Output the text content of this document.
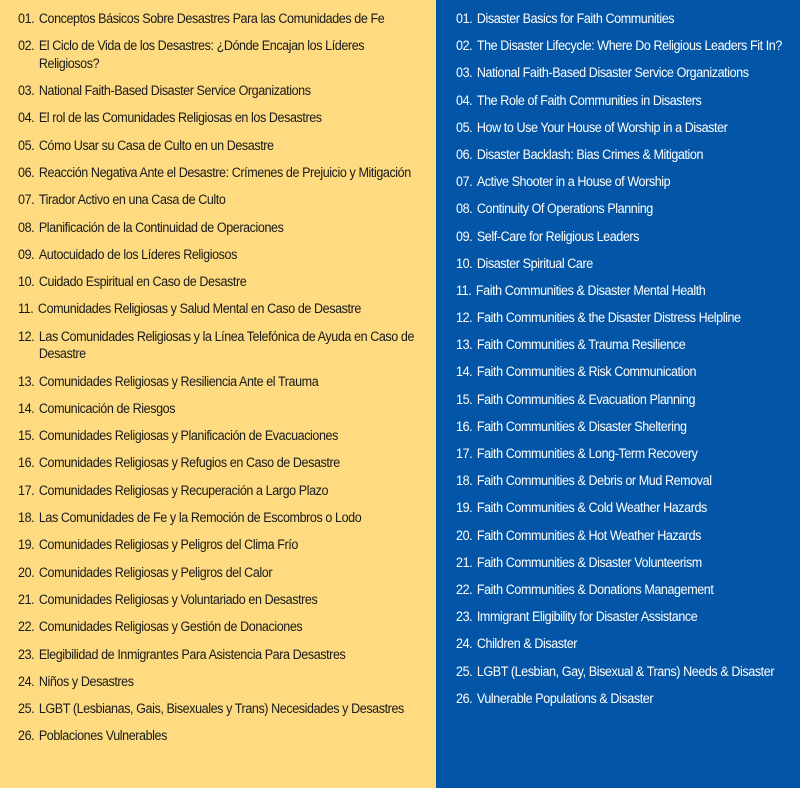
01. Conceptos Básicos Sobre Desastres Para las Comunidades de Fe
02. El Ciclo de Vida de los Desastres: ¿Dónde Encajan los Líderes Religiosos?
03. National Faith-Based Disaster Service Organizations
04. El rol de las Comunidades Religiosas en los Desastres
05. Cómo Usar su Casa de Culto en un Desastre
06. Reacción Negativa Ante el Desastre: Crímenes de Prejuicio y Mitigación
07. Tirador Activo en una Casa de Culto
08. Planificación de la Continuidad de Operaciones
09. Autocuidado de los Líderes Religiosos
10. Cuidado Espiritual en Caso de Desastre
11. Comunidades Religiosas y Salud Mental en Caso de Desastre
12. Las Comunidades Religiosas y la Línea Telefónica de Ayuda en Caso de Desastre
13. Comunidades Religiosas y Resiliencia Ante el Trauma
14. Comunicación de Riesgos
15. Comunidades Religiosas y Planificación de Evacuaciones
16. Comunidades Religiosas y Refugios en Caso de Desastre
17. Comunidades Religiosas y Recuperación a Largo Plazo
18. Las Comunidades de Fe y la Remoción de Escombros o Lodo
19. Comunidades Religiosas y Peligros del Clima Frío
20. Comunidades Religiosas y Peligros del Calor
21. Comunidades Religiosas y Voluntariado en Desastres
22. Comunidades Religiosas y Gestión de Donaciones
23. Elegibilidad de Inmigrantes Para Asistencia Para Desastres
24. Niños y Desastres
25. LGBT (Lesbianas, Gais, Bisexuales y Trans) Necesidades y Desastres
26. Poblaciones Vulnerables
01. Disaster Basics for Faith Communities
02. The Disaster Lifecycle: Where Do Religious Leaders Fit In?
03. National Faith-Based Disaster Service Organizations
04. The Role of Faith Communities in Disasters
05. How to Use Your House of Worship in a Disaster
06. Disaster Backlash: Bias Crimes & Mitigation
07. Active Shooter in a House of Worship
08. Continuity Of Operations Planning
09. Self-Care for Religious Leaders
10. Disaster Spiritual Care
11. Faith Communities & Disaster Mental Health
12. Faith Communities & the Disaster Distress Helpline
13. Faith Communities & Trauma Resilience
14. Faith Communities & Risk Communication
15. Faith Communities & Evacuation Planning
16. Faith Communities & Disaster Sheltering
17. Faith Communities & Long-Term Recovery
18. Faith Communities & Debris or Mud Removal
19. Faith Communities & Cold Weather Hazards
20. Faith Communities & Hot Weather Hazards
21. Faith Communities & Disaster Volunteerism
22. Faith Communities & Donations Management
23. Immigrant Eligibility for Disaster Assistance
24. Children & Disaster
25. LGBT (Lesbian, Gay, Bisexual & Trans) Needs & Disaster
26. Vulnerable Populations & Disaster
